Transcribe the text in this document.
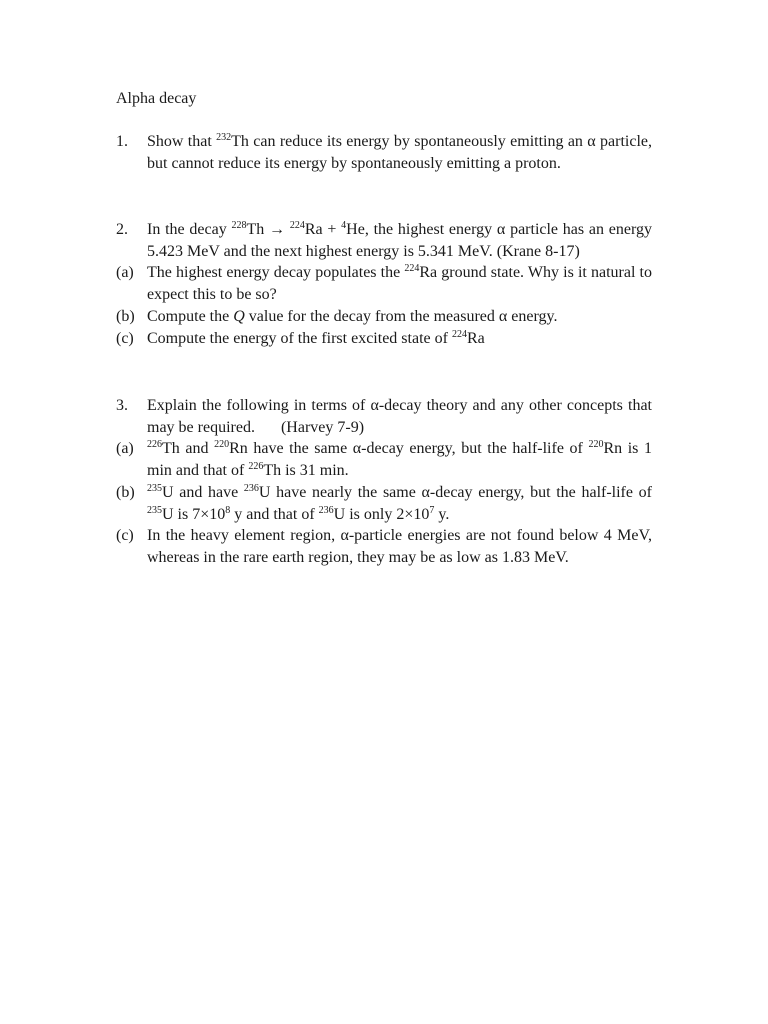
Alpha decay
1. Show that $^{232}$Th can reduce its energy by spontaneously emitting an α particle, but cannot reduce its energy by spontaneously emitting a proton.
2. In the decay $^{228}$Th → $^{224}$Ra + $^4$He, the highest energy α particle has an energy 5.423 MeV and the next highest energy is 5.341 MeV. (Krane 8-17)
(a) The highest energy decay populates the $^{224}$Ra ground state. Why is it natural to expect this to be so?
(b) Compute the Q value for the decay from the measured α energy.
(c) Compute the energy of the first excited state of $^{224}$Ra
3. Explain the following in terms of α-decay theory and any other concepts that may be required. (Harvey 7-9)
(a) $^{226}$Th and $^{220}$Rn have the same α-decay energy, but the half-life of $^{220}$Rn is 1 min and that of $^{226}$Th is 31 min.
(b) $^{235}$U and have $^{236}$U have nearly the same α-decay energy, but the half-life of $^{235}$U is $7\times 10^8$ y and that of $^{236}$U is only $2\times 10^7$ y.
(c) In the heavy element region, α-particle energies are not found below 4 MeV, whereas in the rare earth region, they may be as low as 1.83 MeV.
